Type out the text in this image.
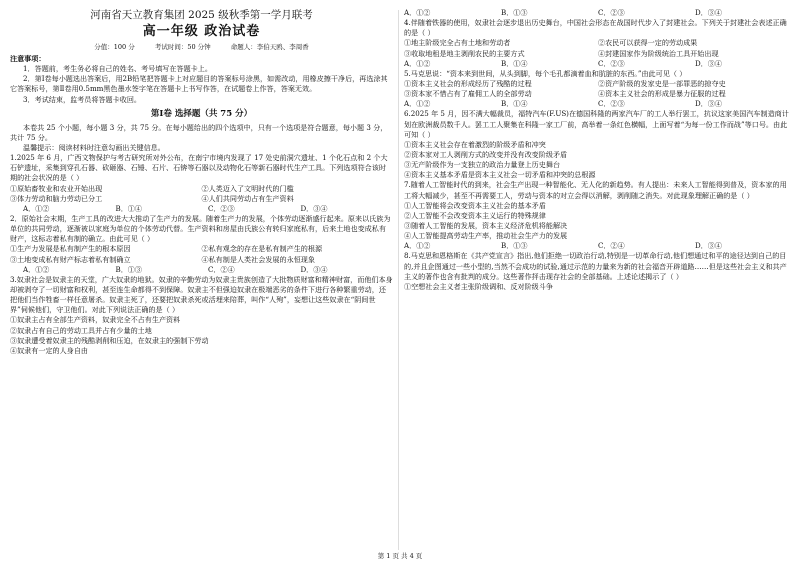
河南省天立教育集团 2025 级秋季第一学月联考

高一年级 政治试卷

分值：100 分	考试时间：50 分钟	命题人：李伯天鸥、李周香

注意事项：

1．答题前，考生务必将自己的姓名、考号填写在答题卡上。

2．第Ⅰ卷每小题选出答案后，用2B铅笔把答题卡上对应题目的答案标号涂黑，如需改动，用橡皮擦干净后，再选涂其它答案标号，第Ⅱ卷用0.5mm黑色墨水签字笔在答题卡上书写作答，在试题卷上作答，答案无效。

3．考试结束，监考员将答题卡收回。

第Ⅰ卷 选择题（共 75 分）

本卷共 25 个小题，每小题 3 分，共 75 分。在每小题给出的四个选项中，只有一个选项是符合题意，每小题 3 分，共计 75 分。

温馨提示：阅读材料时注意勾画出关键信息。

1.2025 年 6 月，广西文物保护与考古研究所对外公布，在南宁市境内发现了 17 处史前洞穴遗址、1 个化石点和 2 个大石铲遗址，采集到穿孔石器、砍砸器、石锤、石片、石锛等石器以及动物化石等新石器时代生产工具。下列选项符合该时期的社会状况的是（ ）

①原始畜牧业和农业开始出现	②人类迈入了文明时代的门槛
③体力劳动和脑力劳动已分工	④人们共同劳动占有生产资料
A．①②	B．①④	C．②③	D．③④

2．原始社会末期，生产工具的改进大大推动了生产力的发展。随着生产力的发展，个体劳动逐渐盛行起来。原来以氏族为单位的共同劳动，逐渐被以家庭为单位的个体劳动代替。生产资料和房屋由氏族公有转归家庭私有，后来土地也变成私有财产，这标志着私有制的确立。由此可见（ ）

①生产力发展是私有制产生的根本原因	②私有观念的存在是私有制产生的根源
③土地变成私有财产标志着私有制确立	④私有制是人类社会发展的永恒现象
A．①②	B．①③	C．②④	D．③④

3.奴隶社会是奴隶主的天堂，广大奴隶的地狱。奴隶的辛勤劳动为奴隶主贵族创造了大批物质财富和精神财富，而他们本身却被剥夺了一切财富和权利，甚至连生命都得不到保障。奴隶主不但强迫奴隶在极端恶劣的条件下进行各种繁重劳动，还把他们当作牲畜一样任意屠杀。奴隶主死了，还要把奴隶杀死或活埋来陪葬，叫作“人殉”，妄想让这些奴隶在“阴间世界”伺候他们，守卫他们。对此下列说法正确的是（ ）

①奴隶主占有全部生产资料，奴隶完全不占有生产资料

②奴隶占有自己的劳动工具并占有少量的土地

③奴隶遭受着奴隶主的残酷剥削和压迫，在奴隶主的强制下劳动

④奴隶有一定的人身自由

A．①②	B．①③	C．②③	D．③④

4.伴随着铁器的使用，奴隶社会逐步退出历史舞台，中国社会形态在战国时代步入了封建社会。下列关于封建社会表述正确的是（ ）

①地主阶级完全占有土地和劳动者	②农民可以获得一定的劳动成果
③收取地租是地主剥削农民的主要方式	④封建国家作为阶级统治工具开始出现
A．①②	B．①④	C．②③	D．③④

5.马克思说：“资本来到世间，从头到脚，每个毛孔都滴着血和肮脏的东西。”由此可见（ ）

①资本主义社会的形成经历了残酷的过程	②资产阶级的发家史是一部罪恶的掠夺史
③资本家不惜占有了雇佣工人的全部劳动	④资本主义社会的形成是暴力征服的过程
A．①②	B．①④	C．②③	D．③④

6.2025 年 5 月，因不满大幅裁员，福特汽车(F.US)在德国科隆的两家汽车厂的工人举行罢工，抗议这家美国汽车制造商计划在欧洲裁员数千人。罢工工人聚集在科隆一家工厂前，高举着一条红色横幅，上面写着“为每一份工作而战”等口号。由此可知（ ）

①资本主义社会存在着激烈的阶级矛盾和冲突

②资本家对工人剥削方式的改变并没有改变阶级矛盾

③无产阶级作为一支独立的政治力量登上历史舞台

④资本主义基本矛盾是资本主义社会一切矛盾和冲突的总根源

7.随着人工智能时代的到来，社会生产出现一种智能化、无人化的新趋势。有人提出：未来人工智能得到普及，资本家的用工将大幅减少，甚至不再需要工人，劳动与资本的对立会得以消解，剥削随之消失。对此现象理解正确的是（ ）

①人工智能将会改变资本主义社会的基本矛盾

②人工智能不会改变资本主义运行的特殊规律

③随着人工智能的发展，资本主义经济危机将能解决

④人工智能提高劳动生产率，推动社会生产力的发展

A．①②	B．①③	C．②④	D．③④

8.马克思和恩格斯在《共产党宣言》指出,他们拒绝一切政治行动,特别是一切革命行动,他们想通过和平的途径达到自己的目的,并且企图通过一些小型的,当然不会成功的试验,通过示范的力量来为新的社会福音开辟道路……但是这些社会主义和共产主义的著作也含有批判的成分。这些著作抨击现存社会的全部基础。上述论述揭示了（ ）

①空想社会主义者主张阶级调和、反对阶级斗争

第 1 页 共 4 页
